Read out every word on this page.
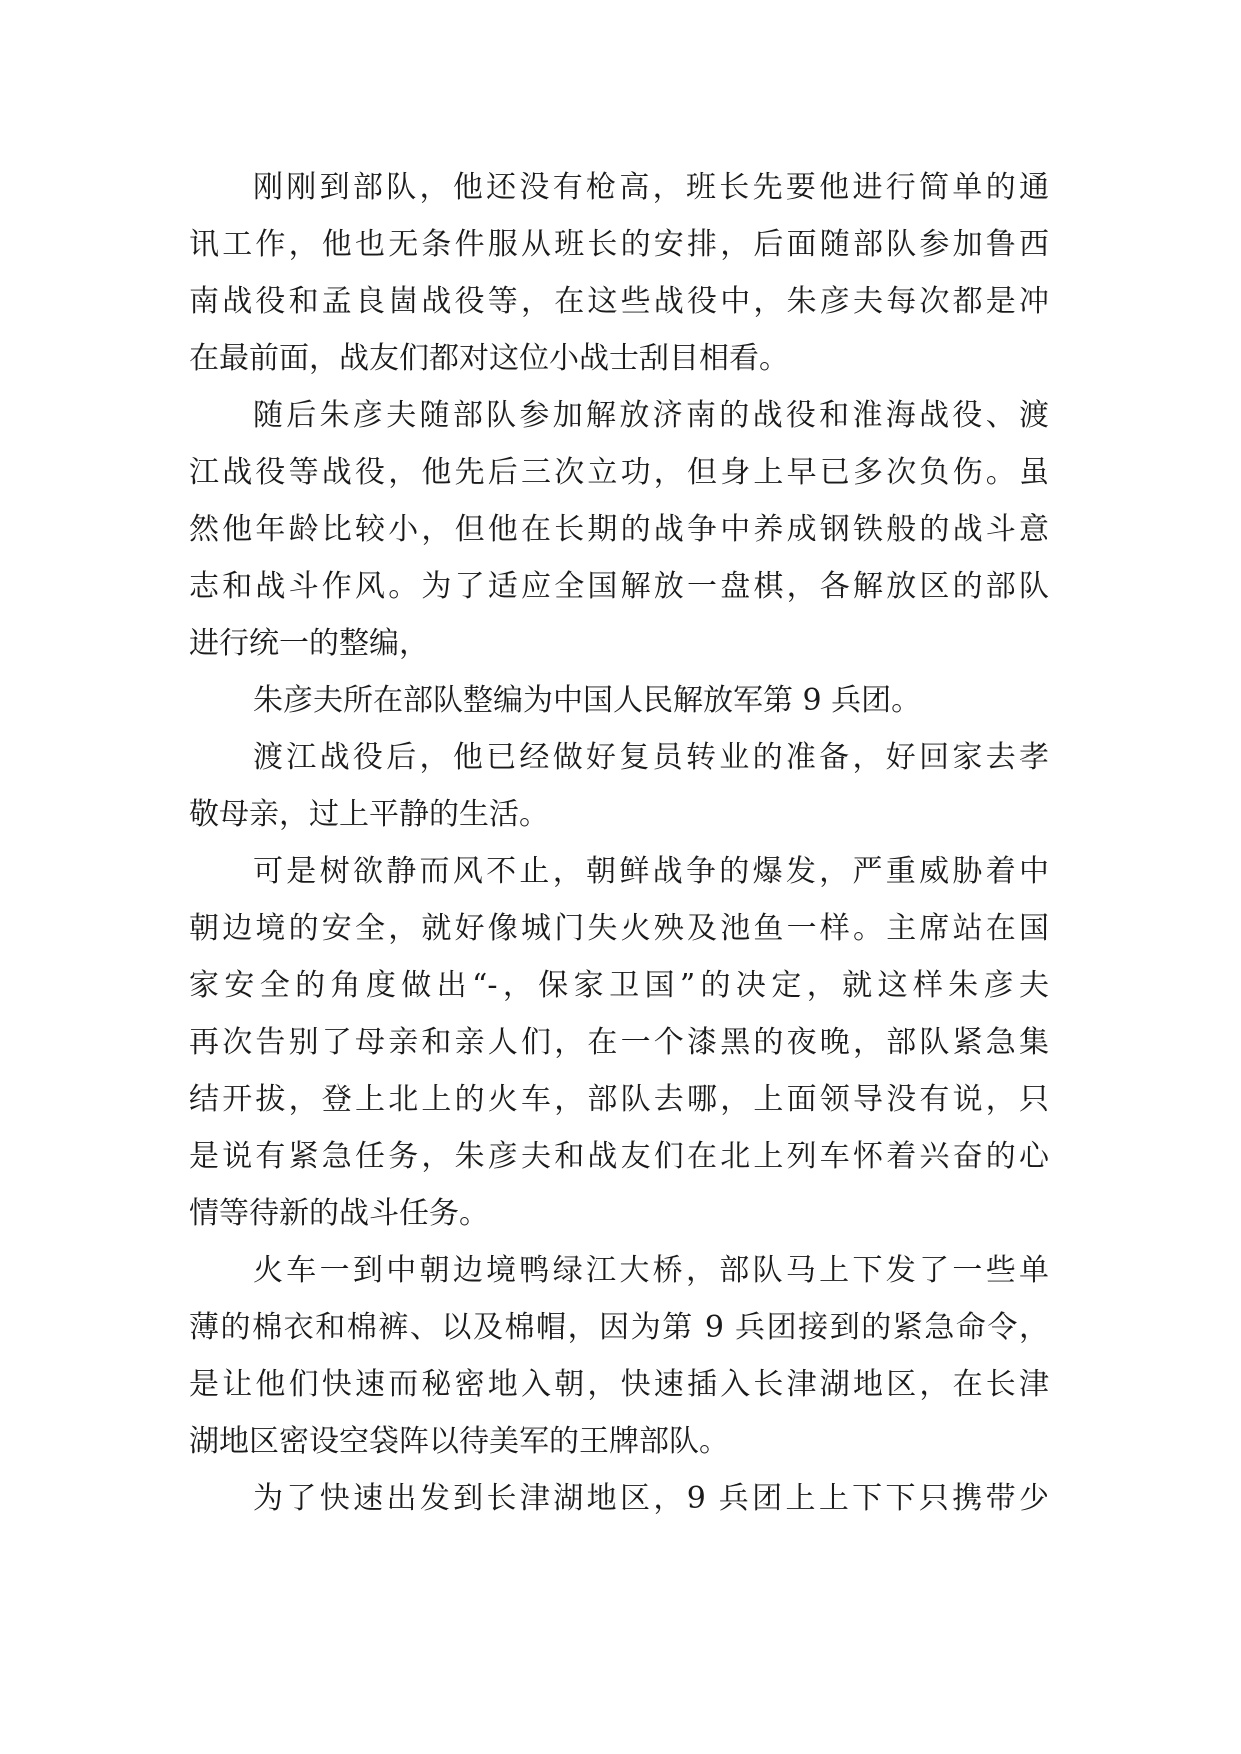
刚刚到部队，他还没有枪高，班长先要他进行简单的通
讯工作，他也无条件服从班长的安排，后面随部队参加鲁西
南战役和孟良崮战役等，在这些战役中，朱彦夫每次都是冲
在最前面，战友们都对这位小战士刮目相看。
随后朱彦夫随部队参加解放济南的战役和淮海战役、渡
江战役等战役，他先后三次立功，但身上早已多次负伤。虽
然他年龄比较小，但他在长期的战争中养成钢铁般的战斗意
志和战斗作风。为了适应全国解放一盘棋，各解放区的部队
进行统一的整编，
朱彦夫所在部队整编为中国人民解放军第 9 兵团。
渡江战役后，他已经做好复员转业的准备，好回家去孝
敬母亲，过上平静的生活。
可是树欲静而风不止，朝鲜战争的爆发，严重威胁着中
朝边境的安全，就好像城门失火殃及池鱼一样。主席站在国
家安全的角度做出“-，保家卫国”的决定，就这样朱彦夫
再次告别了母亲和亲人们，在一个漆黑的夜晚，部队紧急集
结开拔，登上北上的火车，部队去哪，上面领导没有说，只
是说有紧急任务，朱彦夫和战友们在北上列车怀着兴奋的心
情等待新的战斗任务。
火车一到中朝边境鸭绿江大桥，部队马上下发了一些单
薄的棉衣和棉裤、以及棉帽，因为第 9 兵团接到的紧急命令，
是让他们快速而秘密地入朝，快速插入长津湖地区，在长津
湖地区密设空袋阵以待美军的王牌部队。
为了快速出发到长津湖地区，9 兵团上上下下只携带少
